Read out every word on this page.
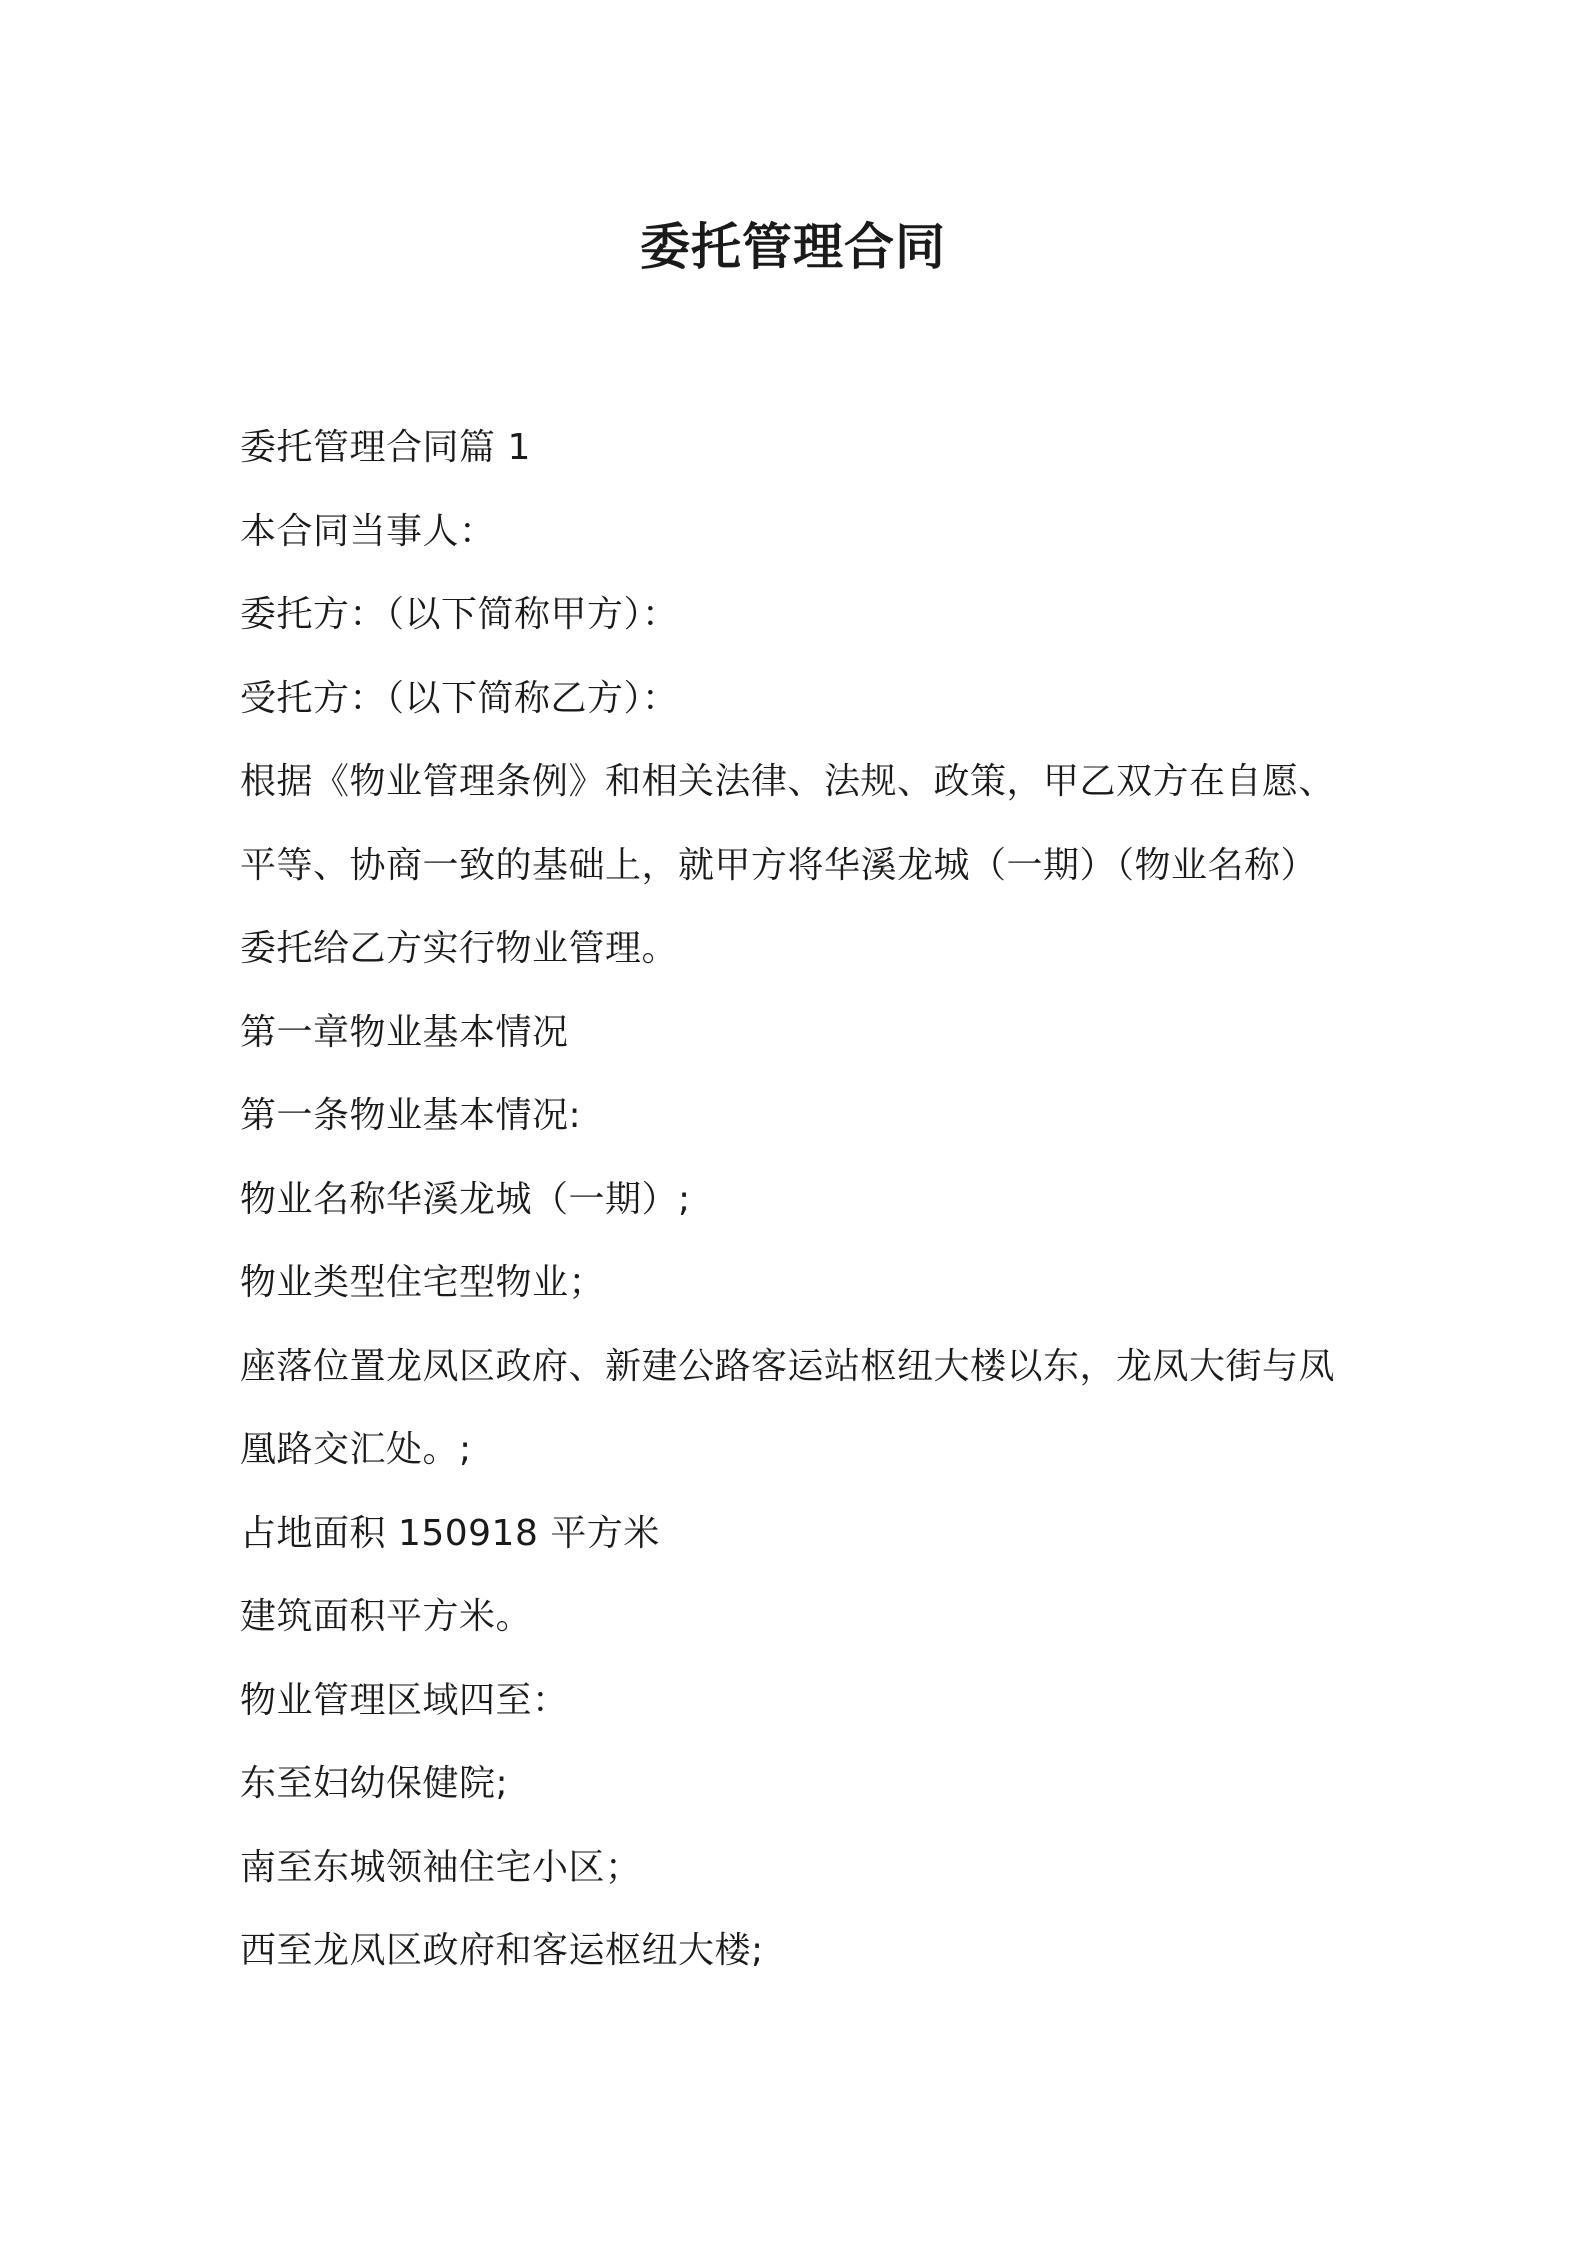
委托管理合同
委托管理合同篇 1
本合同当事人：
委托方：（以下简称甲方）：
受托方：（以下简称乙方）：
根据《物业管理条例》和相关法律、法规、政策，甲乙双方在自愿、
平等、协商一致的基础上，就甲方将华溪龙城（一期）（物业名称）
委托给乙方实行物业管理。
第一章物业基本情况
第一条物业基本情况:
物业名称华溪龙城（一期）;
物业类型住宅型物业；
座落位置龙凤区政府、新建公路客运站枢纽大楼以东，龙凤大街与凤
凰路交汇处。;
占地面积 150918 平方米
建筑面积平方米。
物业管理区域四至：
东至妇幼保健院;
南至东城领袖住宅小区；
西至龙凤区政府和客运枢纽大楼;
